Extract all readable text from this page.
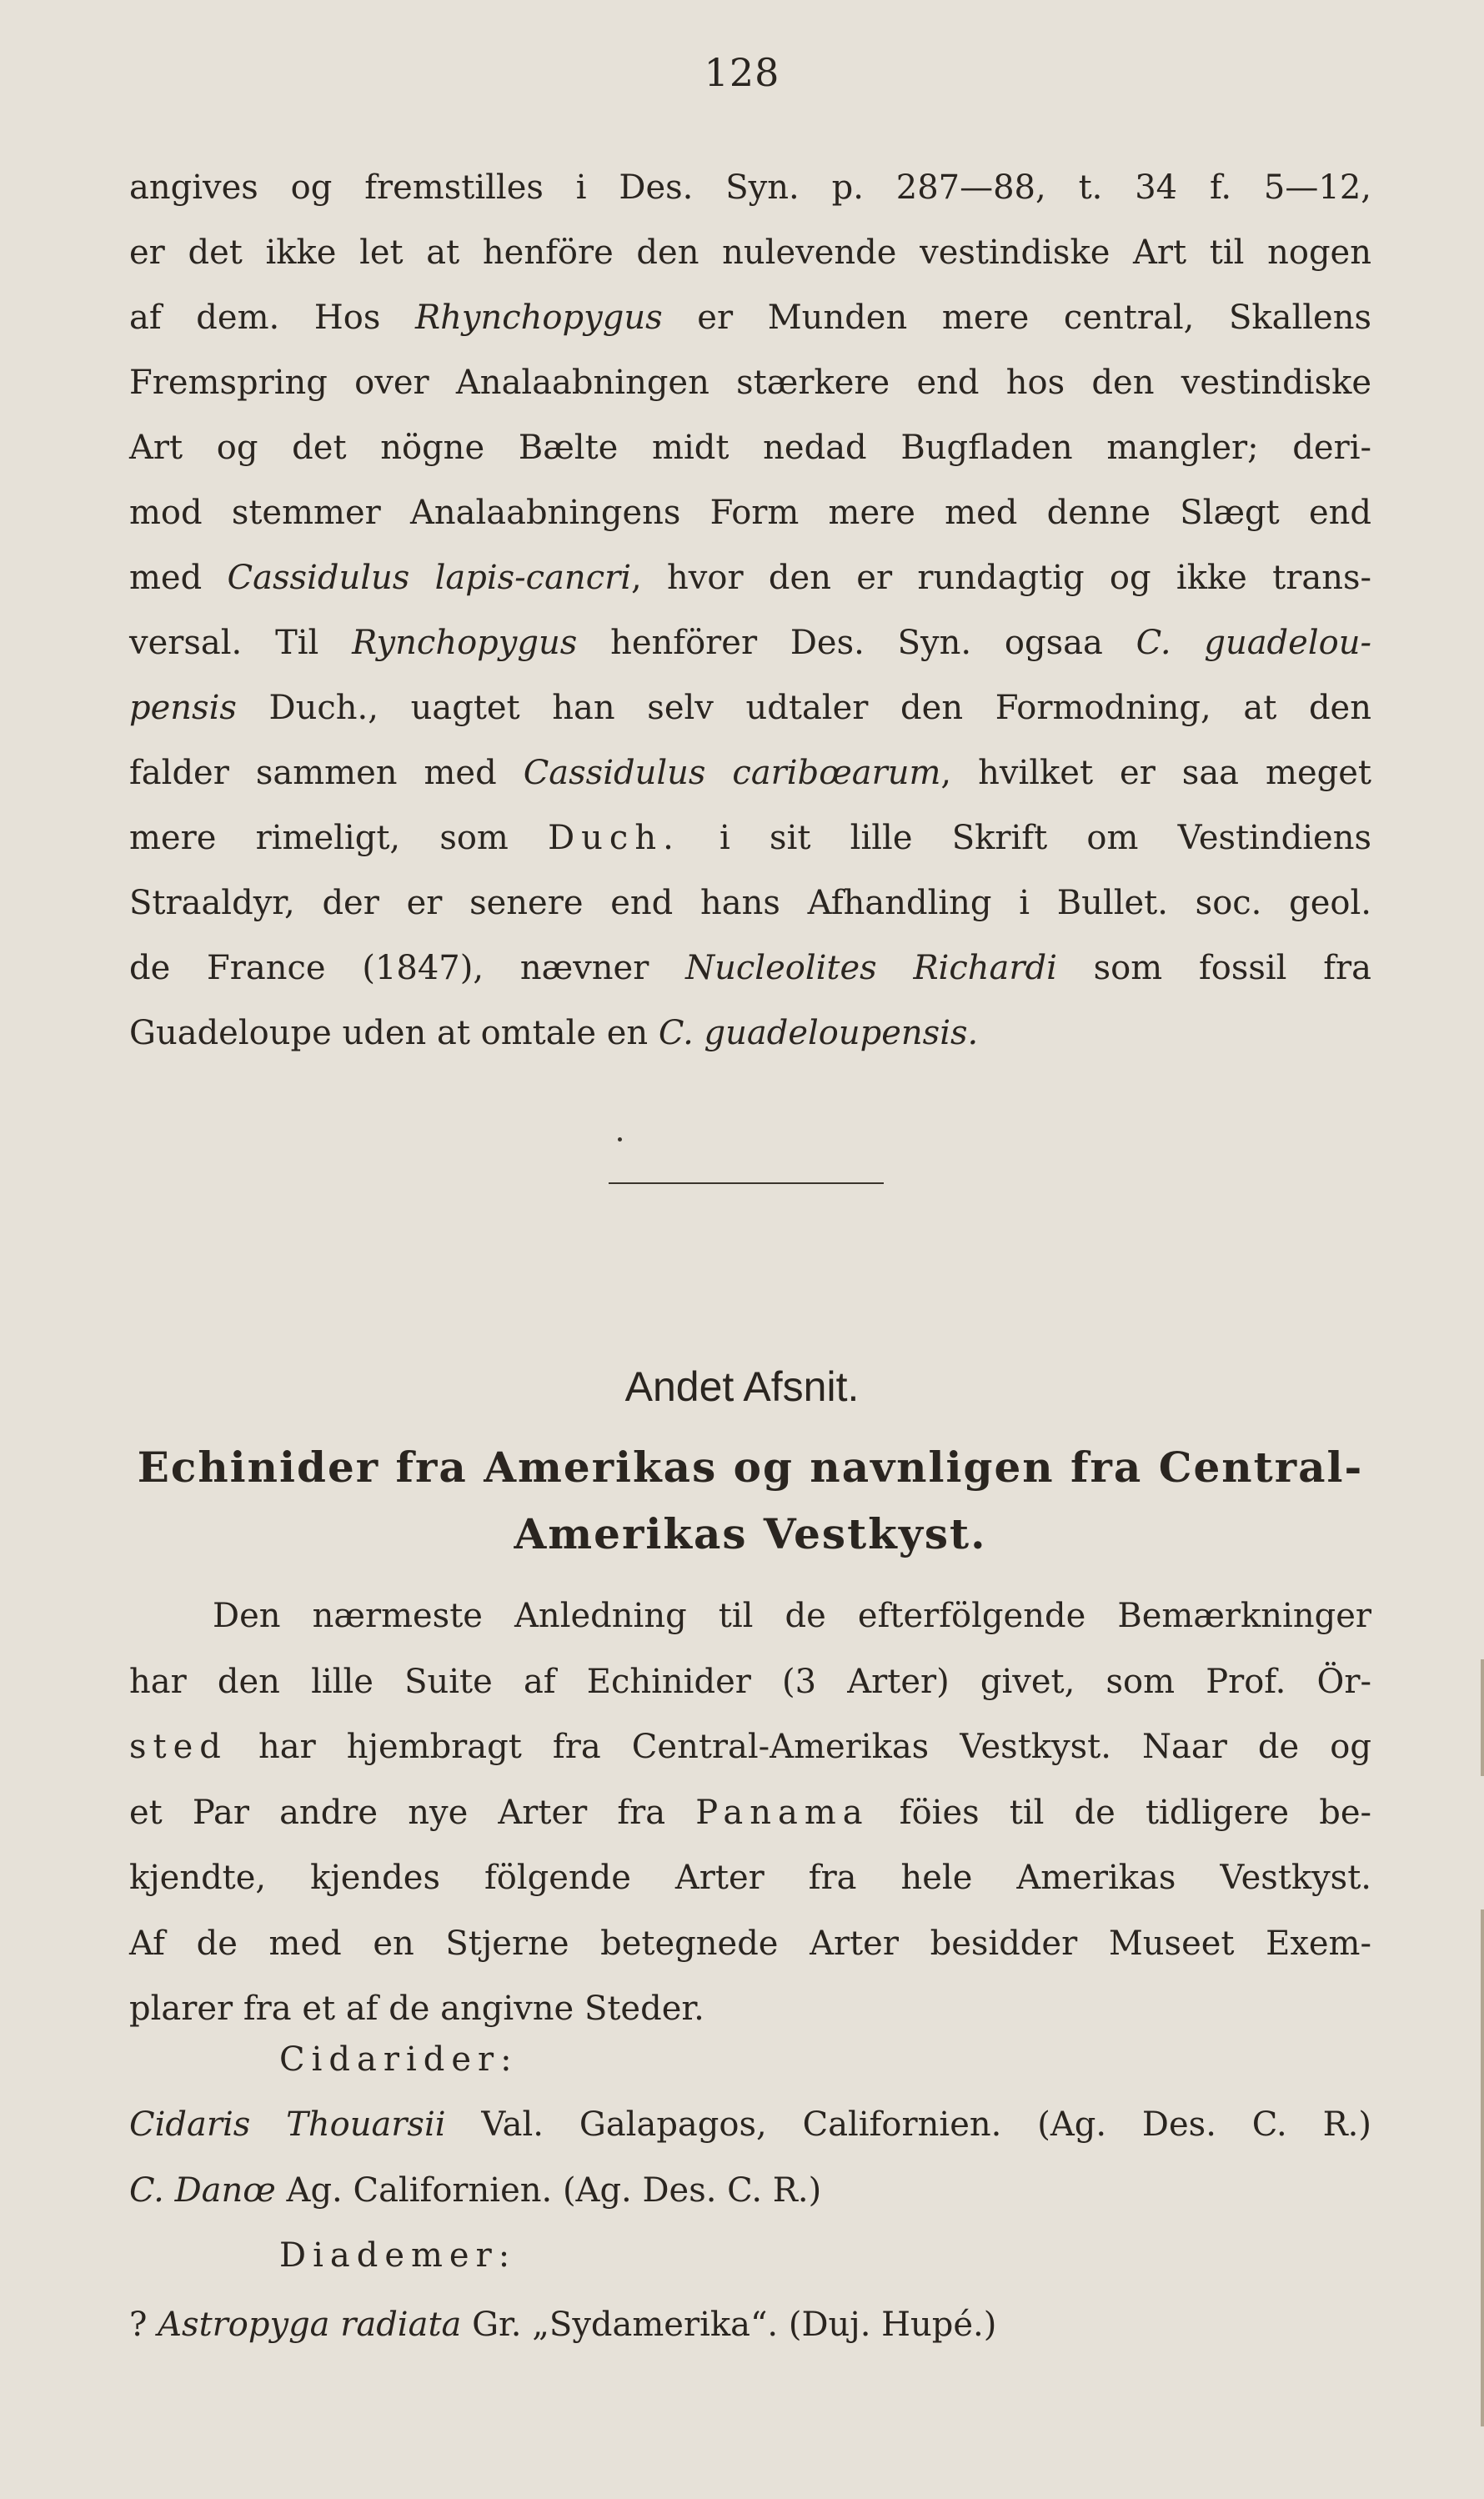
128
angives og fremstilles i Des. Syn. p. 287—88, t. 34 f. 5—12,
er det ikke let at henföre den nulevende vestindiske Art til nogen
af dem. Hos Rhynchopygus er Munden mere central, Skallens
Fremspring over Analaabningen stærkere end hos den vestindiske
Art og det nögne Bælte midt nedad Bugfladen mangler; deri-
mod stemmer Analaabningens Form mere med denne Slægt end
med Cassidulus lapis-cancri, hvor den er rundagtig og ikke trans-
versal. Til Rynchopygus henförer Des. Syn. ogsaa C. guadelou-
pensis Duch., uagtet han selv udtaler den Formodning, at den
falder sammen med Cassidulus caribœarum, hvilket er saa meget
mere rimeligt, som Duch. i sit lille Skrift om Vestindiens
Straaldyr, der er senere end hans Afhandling i Bullet. soc. geol.
de France (1847), nævner Nucleolites Richardi som fossil fra
Guadeloupe uden at omtale en C. guadeloupensis.
Andet Afsnit.
Echinider fra Amerikas og navnligen fra Central-
Amerikas Vestkyst.
Den nærmeste Anledning til de efterfölgende Bemærkninger
har den lille Suite af Echinider (3 Arter) givet, som Prof. Ör-
sted har hjembragt fra Central-Amerikas Vestkyst. Naar de og
et Par andre nye Arter fra Panama föies til de tidligere be-
kjendte, kjendes fölgende Arter fra hele Amerikas Vestkyst.
Af de med en Stjerne betegnede Arter besidder Museet Exem-
plarer fra et af de angivne Steder.
Cidarider:
Cidaris Thouarsii Val. Galapagos, Californien. (Ag. Des. C. R.)
C. Danœ Ag. Californien. (Ag. Des. C. R.)
Diademer:
? Astropyga radiata Gr. „Sydamerika“. (Duj. Hupé.)
